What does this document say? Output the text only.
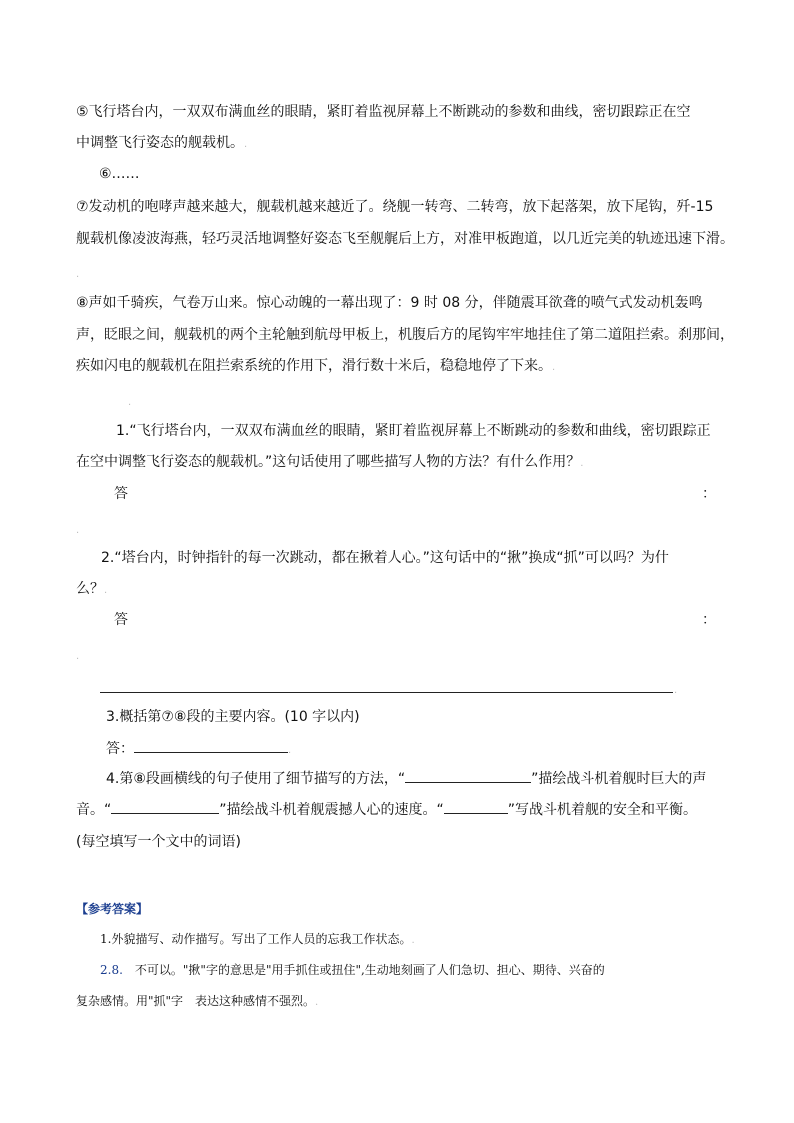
⑤飞行塔台内，一双双布满血丝的眼睛，紧盯着监视屏幕上不断跳动的参数和曲线，密切跟踪正在空
中调整飞行姿态的舰载机。.
⑥……
⑦发动机的咆哮声越来越大，舰载机越来越近了。绕舰一转弯、二转弯，放下起落架，放下尾钩，歼-15
舰载机像凌波海燕，轻巧灵活地调整好姿态飞至舰艉后上方，对准甲板跑道，以几近完美的轨迹迅速下滑。
.
⑧声如千骑疾，气卷万山来。惊心动魄的一幕出现了：9 时 08 分，伴随震耳欲聋的喷气式发动机轰鸣
声，眨眼之间，舰载机的两个主轮触到航母甲板上，机腹后方的尾钩牢牢地挂住了第二道阻拦索。刹那间，
疾如闪电的舰载机在阻拦索系统的作用下，滑行数十米后，稳稳地停了下来。.
.
1.“飞行塔台内，一双双布满血丝的眼睛，紧盯着监视屏幕上不断跳动的参数和曲线，密切跟踪正
在空中调整飞行姿态的舰载机。”这句话使用了哪些描写人物的方法？有什么作用？.
答	：
.
2.“塔台内，时钟指针的每一次跳动，都在揪着人心。”这句话中的“揪”换成“抓”可以吗？为什
么？.
答	：
.
.
3.概括第⑦⑧段的主要内容。(10 字以内)
答：	.
4.第⑧段画横线的句子使用了细节描写的方法，“	”描绘战斗机着舰时巨大的声
音。“	”描绘战斗机着舰震撼人心的速度。“	”写战斗机着舰的安全和平衡。
(每空填写一个文中的词语)
【参考答案】
1.外貌描写、动作描写。写出了工作人员的忘我工作状态。.
2.8.　不可以。"揪"字的意思是"用手抓住或扭住",生动地刻画了人们急切、担心、期待、兴奋的
复杂感情。用"抓"字　表达这种感情不强烈。.
